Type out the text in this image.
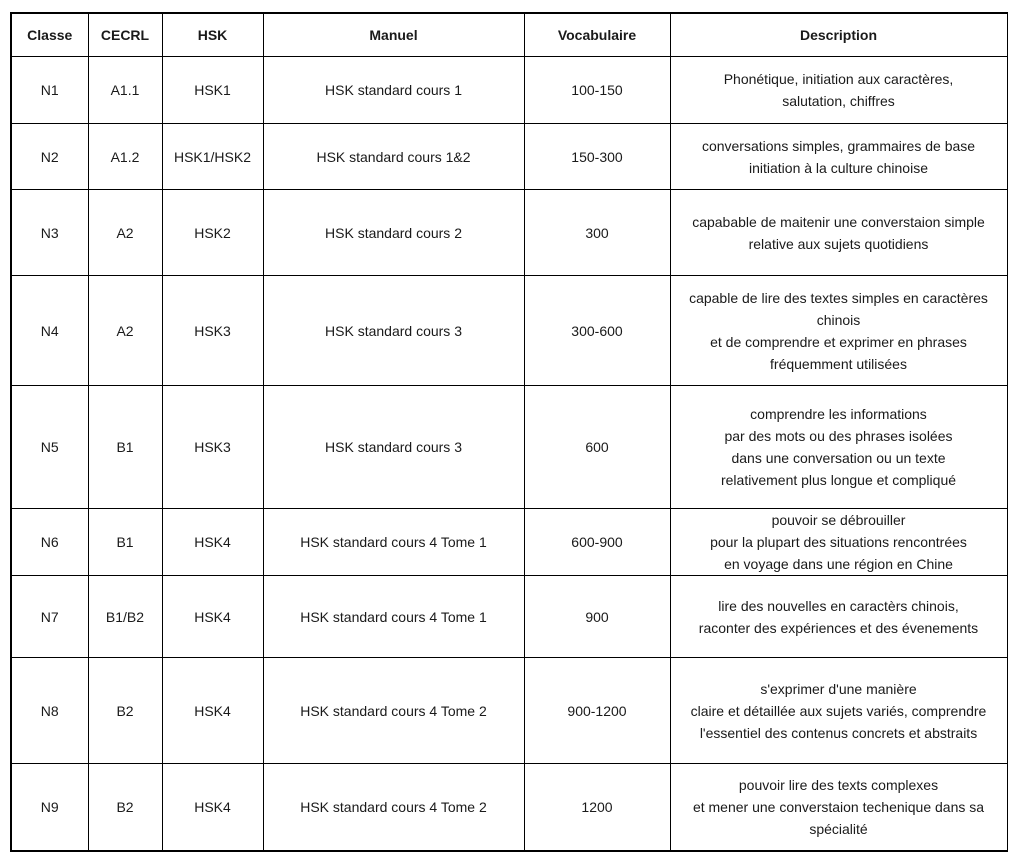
Classe	CECRL	HSK	Manuel	Vocabulaire	Description
N1	A1.1	HSK1	HSK standard cours 1	100-150	Phonétique, initiation aux caractères,
salutation, chiffres

N2	A1.2	HSK1/HSK2	HSK standard cours 1&2	150-300	conversations simples, grammaires de base
initiation à la culture chinoise

N3	A2	HSK2	HSK standard cours 2	300	capabable de maitenir une converstaion simple
relative aux sujets quotidiens

N4	A2	HSK3	HSK standard cours 3	300-600	capable de lire des textes simples en caractères
chinois
et de comprendre et exprimer en phrases
fréquemment utilisées

N5	B1	HSK3	HSK standard cours 3	600	comprendre les informations
par des mots ou des phrases isolées
dans une conversation ou un texte
relativement plus longue et compliqué

N6	B1	HSK4	HSK standard cours 4 Tome 1	600-900	pouvoir se débrouiller
pour la plupart des situations rencontrées
en voyage dans une région en Chine

N7	B1/B2	HSK4	HSK standard cours 4 Tome 1	900	lire des nouvelles en caractèrs chinois,
raconter des expériences et des évenements

N8	B2	HSK4	HSK standard cours 4 Tome 2	900-1200	s'exprimer d'une manière
claire et détaillée aux sujets variés, comprendre
l'essentiel des contenus concrets et abstraits

N9	B2	HSK4	HSK standard cours 4 Tome 2	1200	pouvoir lire des texts complexes
et mener une converstaion techenique dans sa
spécialité
